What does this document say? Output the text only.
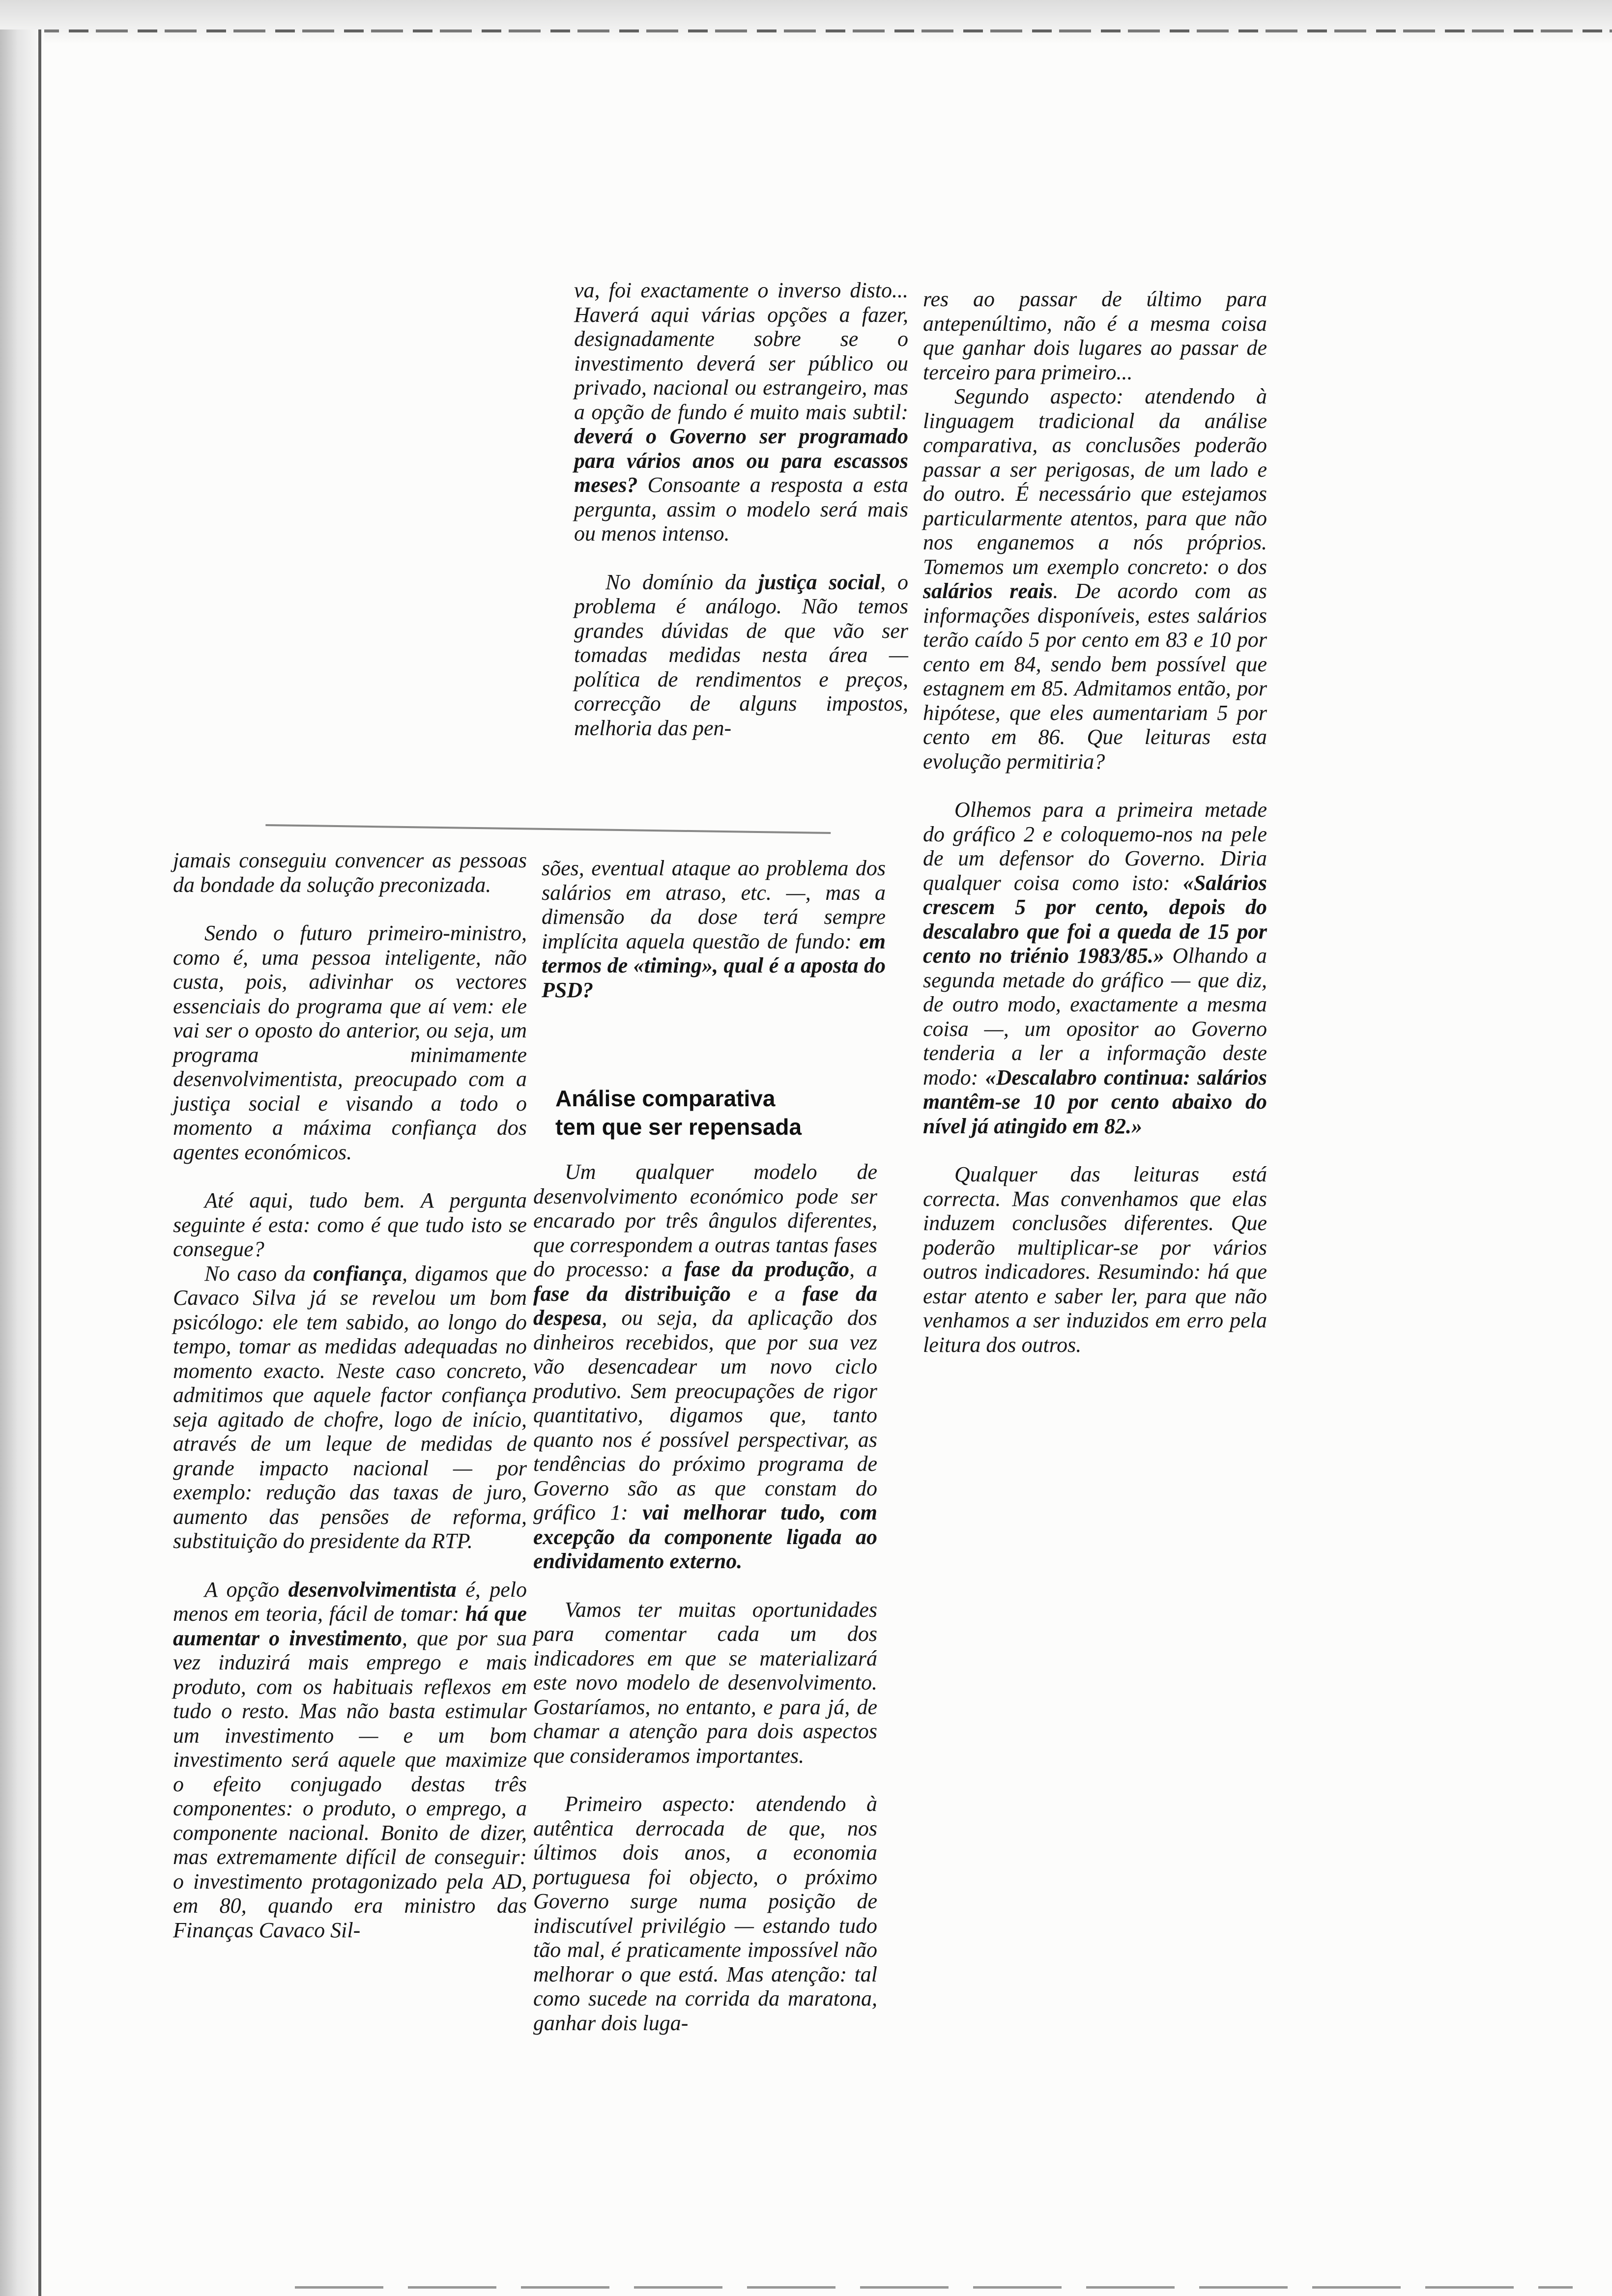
jamais conseguiu convencer as pessoas da bondade da solução preconizada.

Sendo o futuro primeiro-ministro, como é, uma pessoa inteligente, não custa, pois, adivinhar os vectores essenciais do programa que aí vem: ele vai ser o oposto do anterior, ou seja, um programa minimamente desenvolvimentista, preocupado com a justiça social e visando a todo o momento a máxima confiança dos agentes económicos.

Até aqui, tudo bem. A pergunta seguinte é esta: como é que tudo isto se consegue?

No caso da confiança, digamos que Cavaco Silva já se revelou um bom psicólogo: ele tem sabido, ao longo do tempo, tomar as medidas adequadas no momento exacto. Neste caso concreto, admitimos que aquele factor confiança seja agitado de chofre, logo de início, através de um leque de medidas de grande impacto nacional — por exemplo: redução das taxas de juro, aumento das pensões de reforma, substituição do presidente da RTP.

A opção desenvolvimentista é, pelo menos em teoria, fácil de tomar: há que aumentar o investimento, que por sua vez induzirá mais emprego e mais produto, com os habituais reflexos em tudo o resto. Mas não basta estimular um investimento — e um bom investimento será aquele que maximize o efeito conjugado destas três componentes: o produto, o emprego, a componente nacional. Bonito de dizer, mas extremamente difícil de conseguir: o investimento protagonizado pela AD, em 80, quando era ministro das Finanças Cavaco Sil-

va, foi exactamente o inverso disto... Haverá aqui várias opções a fazer, designadamente sobre se o investimento deverá ser público ou privado, nacional ou estrangeiro, mas a opção de fundo é muito mais subtil: deverá o Governo ser programado para vários anos ou para escassos meses? Consoante a resposta a esta pergunta, assim o modelo será mais ou menos intenso.

No domínio da justiça social, o problema é análogo. Não temos grandes dúvidas de que vão ser tomadas medidas nesta área — política de rendimentos e preços, correcção de alguns impostos, melhoria das pen-

sões, eventual ataque ao problema dos salários em atraso, etc. —, mas a dimensão da dose terá sempre implícita aquela questão de fundo: em termos de «timing», qual é a aposta do PSD?

Análise comparativa
tem que ser repensada

Um qualquer modelo de desenvolvimento económico pode ser encarado por três ângulos diferentes, que correspondem a outras tantas fases do processo: a fase da produção, a fase da distribuição e a fase da despesa, ou seja, da aplicação dos dinheiros recebidos, que por sua vez vão desencadear um novo ciclo produtivo. Sem preocupações de rigor quantitativo, digamos que, tanto quanto nos é possível perspectivar, as tendências do próximo programa de Governo são as que constam do gráfico 1: vai melhorar tudo, com excepção da componente ligada ao endividamento externo.

Vamos ter muitas oportunidades para comentar cada um dos indicadores em que se materializará este novo modelo de desenvolvimento. Gostaríamos, no entanto, e para já, de chamar a atenção para dois aspectos que consideramos importantes.

Primeiro aspecto: atendendo à autêntica derrocada de que, nos últimos dois anos, a economia portuguesa foi objecto, o próximo Governo surge numa posição de indiscutível privilégio — estando tudo tão mal, é praticamente impossível não melhorar o que está. Mas atenção: tal como sucede na corrida da maratona, ganhar dois luga-

res ao passar de último para antepenúltimo, não é a mesma coisa que ganhar dois lugares ao passar de terceiro para primeiro...

Segundo aspecto: atendendo à linguagem tradicional da análise comparativa, as conclusões poderão passar a ser perigosas, de um lado e do outro. É necessário que estejamos particularmente atentos, para que não nos enganemos a nós próprios. Tomemos um exemplo concreto: o dos salários reais. De acordo com as informações disponíveis, estes salários terão caído 5 por cento em 83 e 10 por cento em 84, sendo bem possível que estagnem em 85. Admitamos então, por hipótese, que eles aumentariam 5 por cento em 86. Que leituras esta evolução permitiria?

Olhemos para a primeira metade do gráfico 2 e coloquemo-nos na pele de um defensor do Governo. Diria qualquer coisa como isto: «Salários crescem 5 por cento, depois do descalabro que foi a queda de 15 por cento no triénio 1983/85.» Olhando a segunda metade do gráfico — que diz, de outro modo, exactamente a mesma coisa —, um opositor ao Governo tenderia a ler a informação deste modo: «Descalabro continua: salários mantêm-se 10 por cento abaixo do nível já atingido em 82.»

Qualquer das leituras está correcta. Mas convenhamos que elas induzem conclusões diferentes. Que poderão multiplicar-se por vários outros indicadores. Resumindo: há que estar atento e saber ler, para que não venhamos a ser induzidos em erro pela leitura dos outros.
